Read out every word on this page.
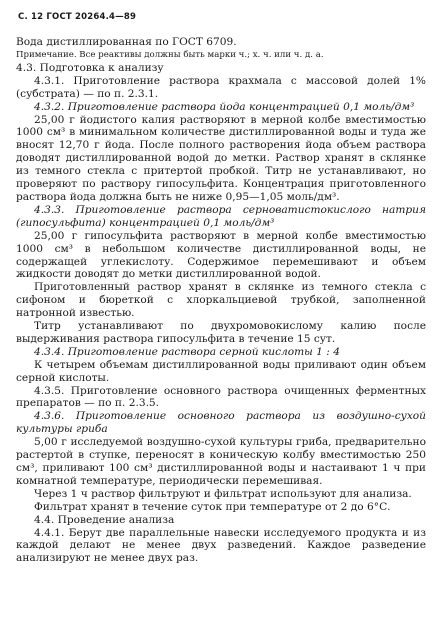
С. 12 ГОСТ 20264.4—89

Вода дистиллированная по ГОСТ 6709.

Примечание. Все реактивы должны быть марки ч.; х. ч. или ч. д. а.

4.3. Подготовка к анализу

4.3.1. Приготовление раствора крахмала с массовой долей 1% (субстрата) — по п. 2.3.1.

4.3.2. Приготовление раствора йода концентрацией 0,1 моль/дм³

25,00 г йодистого калия растворяют в мерной колбе вместимостью 1000 см³ в минимальном количестве дистиллированной воды и туда же вносят 12,70 г йода. После полного растворения йода объем раствора доводят дистиллированной водой до метки. Раствор хранят в склянке из темного стекла с притертой пробкой. Титр не устанавливают, но проверяют по раствору гипосульфита. Концентрация приготовленного раствора йода должна быть не ниже 0,95—1,05 моль/дм³.

4.3.3. Приготовление раствора серноватистокислого натрия (гипосульфита) концентрацией 0,1 моль/дм³

25,00 г гипосульфита растворяют в мерной колбе вместимостью 1000 см³ в небольшом количестве дистиллированной воды, не содержащей углекислоту. Содержимое перемешивают и объем жидкости доводят до метки дистиллированной водой.

Приготовленный раствор хранят в склянке из темного стекла с сифоном и бюреткой с хлоркальциевой трубкой, заполненной натронной известью.

Титр устанавливают по двухромовокислому калию после выдерживания раствора гипосульфита в течение 15 сут.

4.3.4. Приготовление раствора серной кислоты 1 : 4

К четырем объемам дистиллированной воды приливают один объем серной кислоты.

4.3.5. Приготовление основного раствора очищенных ферментных препаратов — по п. 2.3.5.

4.3.6. Приготовление основного раствора из воздушно-сухой культуры гриба

5,00 г исследуемой воздушно-сухой культуры гриба, предварительно растертой в ступке, переносят в коническую колбу вместимостью 250 см³, приливают 100 см³ дистиллированной воды и настаивают 1 ч при комнатной температуре, периодически перемешивая.

Через 1 ч раствор фильтруют и фильтрат используют для анализа.

Фильтрат хранят в течение суток при температуре от 2 до 6°С.

4.4. Проведение анализа

4.4.1. Берут две параллельные навески исследуемого продукта и из каждой делают не менее двух разведений. Каждое разведение анализируют не менее двух раз.
